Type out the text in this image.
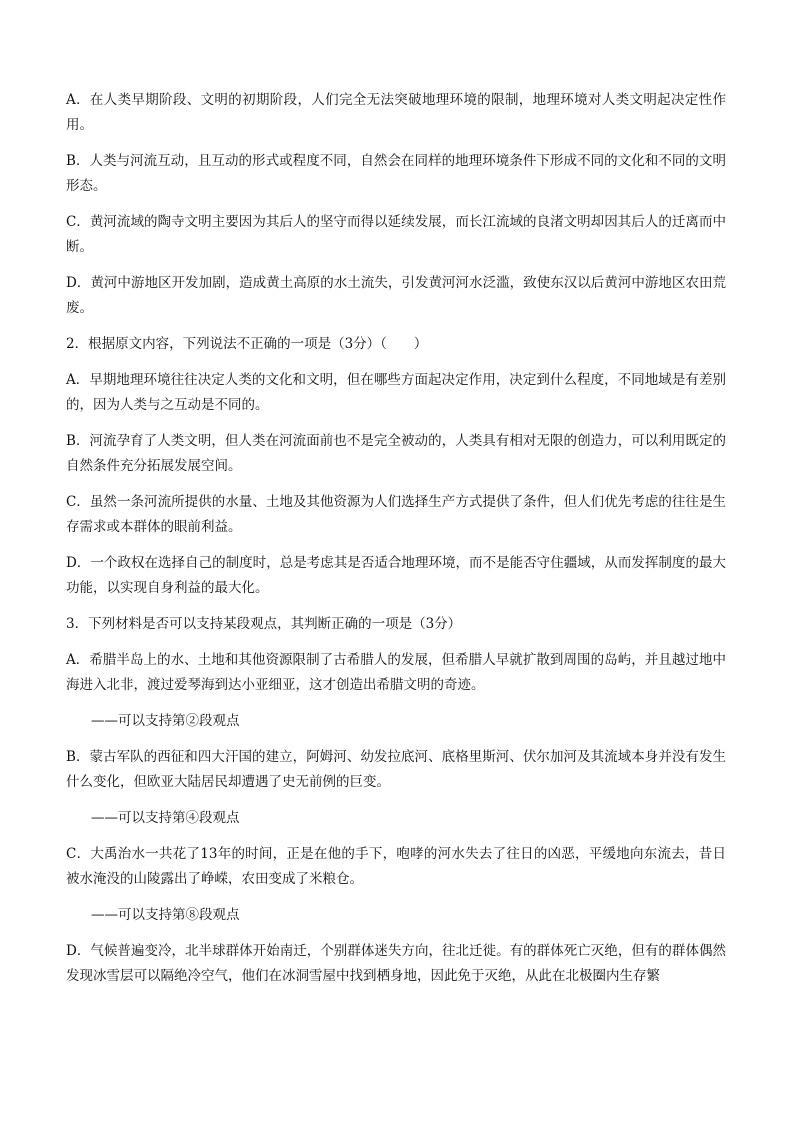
A．在人类早期阶段、文明的初期阶段，人们完全无法突破地理环境的限制，地理环境对人类文明起决定性作用。

B．人类与河流互动，且互动的形式或程度不同，自然会在同样的地理环境条件下形成不同的文化和不同的文明形态。

C．黄河流域的陶寺文明主要因为其后人的坚守而得以延续发展，而长江流域的良渚文明却因其后人的迁离而中断。

D．黄河中游地区开发加剧，造成黄土高原的水土流失，引发黄河河水泛滥，致使东汉以后黄河中游地区农田荒废。

2．根据原文内容，下列说法不正确的一项是（3分）（　　）

A．早期地理环境往往决定人类的文化和文明，但在哪些方面起决定作用，决定到什么程度，不同地域是有差别的，因为人类与之互动是不同的。

B．河流孕育了人类文明，但人类在河流面前也不是完全被动的，人类具有相对无限的创造力，可以利用既定的自然条件充分拓展发展空间。

C．虽然一条河流所提供的水量、土地及其他资源为人们选择生产方式提供了条件，但人们优先考虑的往往是生存需求或本群体的眼前利益。

D．一个政权在选择自己的制度时，总是考虑其是否适合地理环境，而不是能否守住疆域，从而发挥制度的最大功能，以实现自身利益的最大化。

3．下列材料是否可以支持某段观点，其判断正确的一项是（3分）

A．希腊半岛上的水、土地和其他资源限制了古希腊人的发展，但希腊人早就扩散到周围的岛屿，并且越过地中海进入北非，渡过爱琴海到达小亚细亚，这才创造出希腊文明的奇迹。

——可以支持第②段观点

B．蒙古军队的西征和四大汗国的建立，阿姆河、幼发拉底河、底格里斯河、伏尔加河及其流域本身并没有发生什么变化，但欧亚大陆居民却遭遇了史无前例的巨变。

——可以支持第④段观点

C．大禹治水一共花了13年的时间，正是在他的手下，咆哮的河水失去了往日的凶恶，平缓地向东流去，昔日被水淹没的山陵露出了峥嵘，农田变成了米粮仓。

——可以支持第⑧段观点

D．气候普遍变冷，北半球群体开始南迁，个别群体迷失方向，往北迁徙。有的群体死亡灭绝，但有的群体偶然发现冰雪层可以隔绝冷空气，他们在冰洞雪屋中找到栖身地，因此免于灭绝，从此在北极圈内生存繁
